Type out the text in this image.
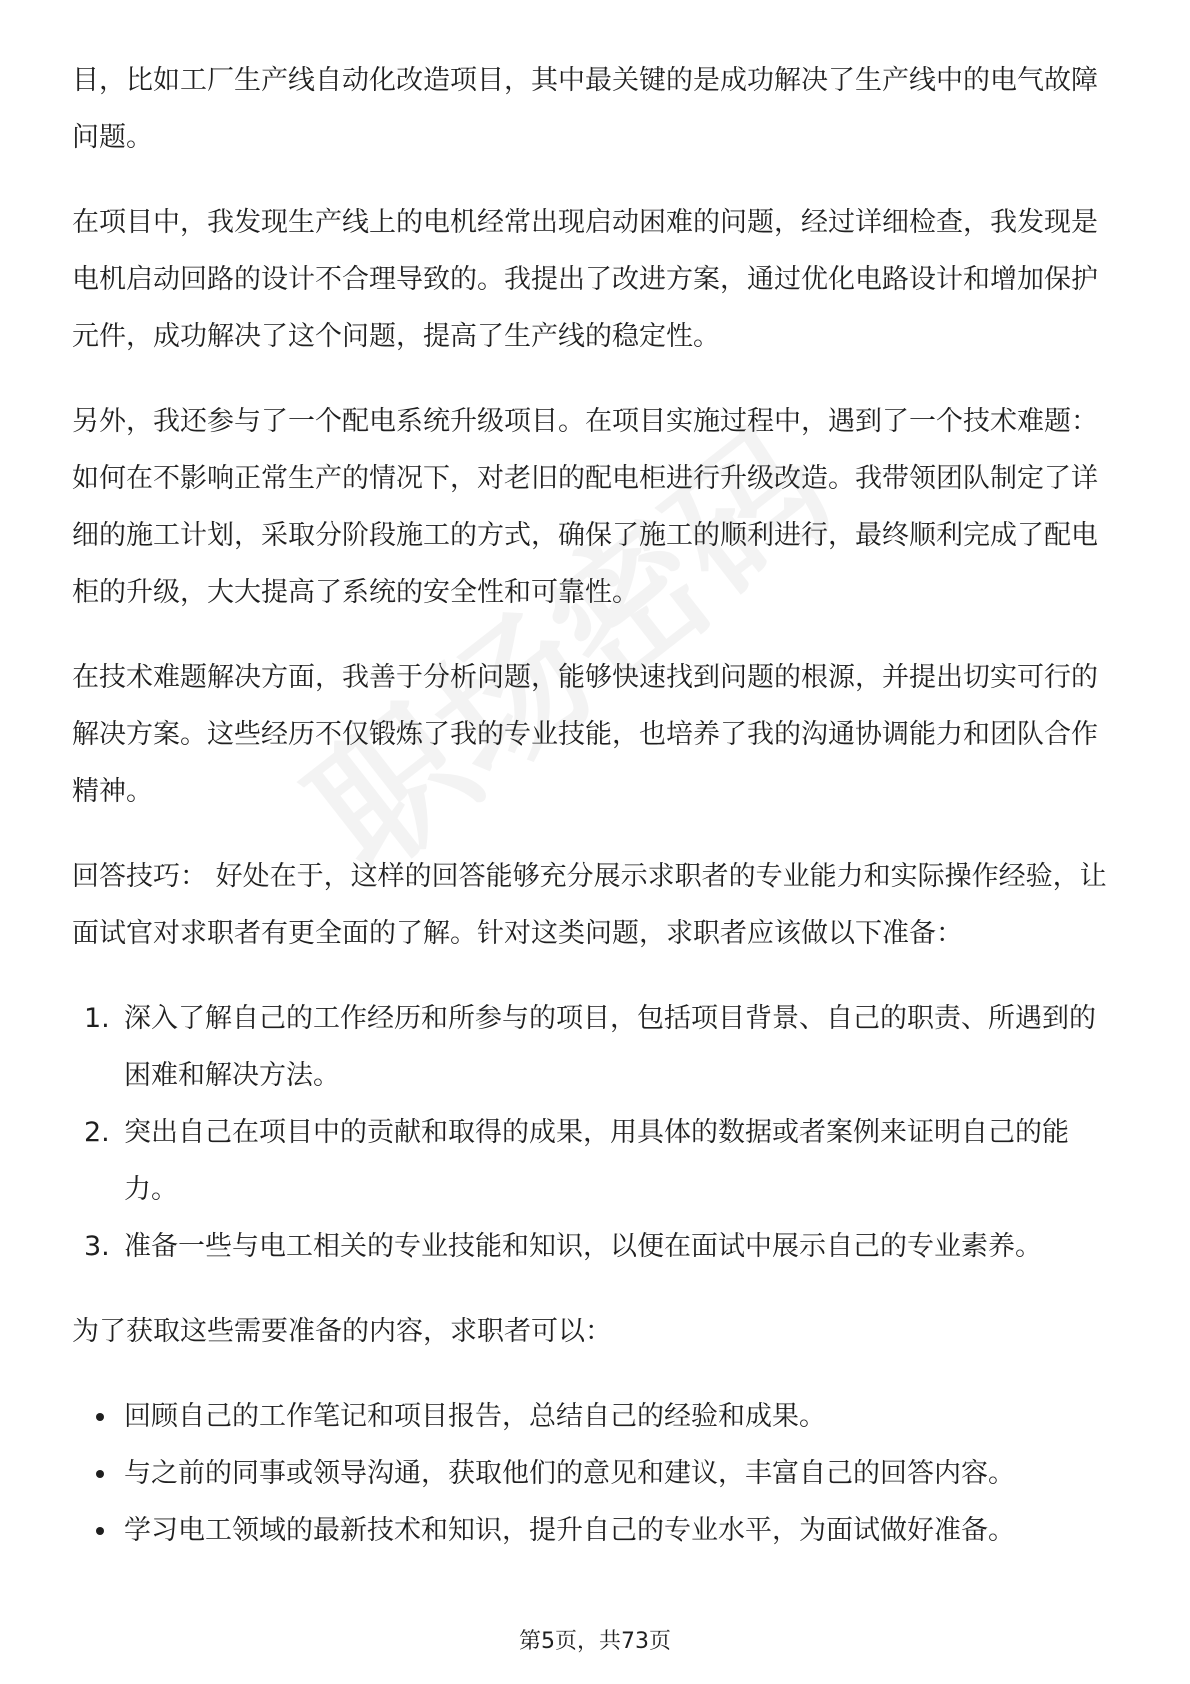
目，比如工厂生产线自动化改造项目，其中最关键的是成功解决了生产线中的电气故障问题。

在项目中，我发现生产线上的电机经常出现启动困难的问题，经过详细检查，我发现是电机启动回路的设计不合理导致的。我提出了改进方案，通过优化电路设计和增加保护元件，成功解决了这个问题，提高了生产线的稳定性。

另外，我还参与了一个配电系统升级项目。在项目实施过程中，遇到了一个技术难题：如何在不影响正常生产的情况下，对老旧的配电柜进行升级改造。我带领团队制定了详细的施工计划，采取分阶段施工的方式，确保了施工的顺利进行，最终顺利完成了配电柜的升级，大大提高了系统的安全性和可靠性。

在技术难题解决方面，我善于分析问题，能够快速找到问题的根源，并提出切实可行的解决方案。这些经历不仅锻炼了我的专业技能，也培养了我的沟通协调能力和团队合作精神。

回答技巧： 好处在于，这样的回答能够充分展示求职者的专业能力和实际操作经验，让面试官对求职者有更全面的了解。针对这类问题，求职者应该做以下准备：

1. 深入了解自己的工作经历和所参与的项目，包括项目背景、自己的职责、所遇到的困难和解决方法。
2. 突出自己在项目中的贡献和取得的成果，用具体的数据或者案例来证明自己的能力。
3. 准备一些与电工相关的专业技能和知识，以便在面试中展示自己的专业素养。

为了获取这些需要准备的内容，求职者可以：

回顾自己的工作笔记和项目报告，总结自己的经验和成果。
与之前的同事或领导沟通，获取他们的意见和建议，丰富自己的回答内容。
学习电工领域的最新技术和知识，提升自己的专业水平，为面试做好准备。
第5页，共73页
